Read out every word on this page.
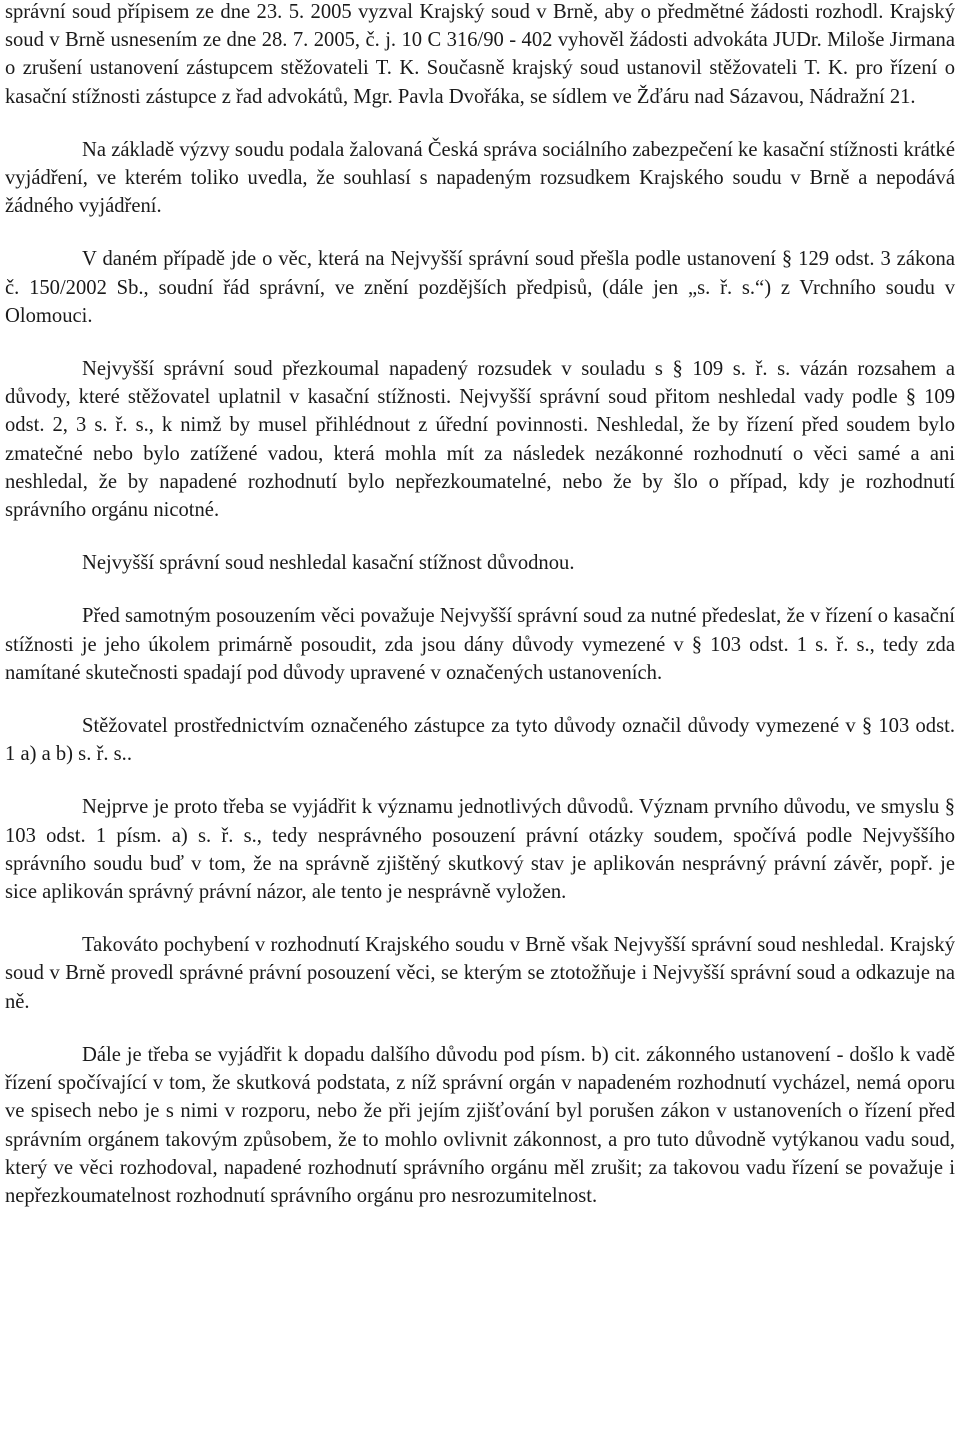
správní soud přípisem ze dne 23. 5. 2005 vyzval Krajský soud v Brně, aby o předmětné žádosti rozhodl. Krajský soud v Brně usnesením ze dne 28. 7. 2005, č. j. 10 C 316/90 - 402 vyhověl žádosti advokáta JUDr. Miloše Jirmana o zrušení ustanovení zástupcem stěžovateli T. K. Současně krajský soud ustanovil stěžovateli T. K. pro řízení o kasační stížnosti zástupce z řad advokátů, Mgr. Pavla Dvořáka, se sídlem ve Žďáru nad Sázavou, Nádražní 21.

Na základě výzvy soudu podala žalovaná Česká správa sociálního zabezpečení ke kasační stížnosti krátké vyjádření, ve kterém toliko uvedla, že souhlasí s napadeným rozsudkem Krajského soudu v Brně a nepodává žádného vyjádření.

V daném případě jde o věc, která na Nejvyšší správní soud přešla podle ustanovení § 129 odst. 3 zákona č. 150/2002 Sb., soudní řád správní, ve znění pozdějších předpisů, (dále jen „s. ř. s.“) z Vrchního soudu v Olomouci.

Nejvyšší správní soud přezkoumal napadený rozsudek v souladu s § 109 s. ř. s. vázán rozsahem a důvody, které stěžovatel uplatnil v kasační stížnosti. Nejvyšší správní soud přitom neshledal vady podle § 109 odst. 2, 3 s. ř. s., k nimž by musel přihlédnout z úřední povinnosti. Neshledal, že by řízení před soudem bylo zmatečné nebo bylo zatížené vadou, která mohla mít za následek nezákonné rozhodnutí o věci samé a ani neshledal, že by napadené rozhodnutí bylo nepřezkoumatelné, nebo že by šlo o případ, kdy je rozhodnutí správního orgánu nicotné.

Nejvyšší správní soud neshledal kasační stížnost důvodnou.

Před samotným posouzením věci považuje Nejvyšší správní soud za nutné předeslat, že v řízení o kasační stížnosti je jeho úkolem primárně posoudit, zda jsou dány důvody vymezené v § 103 odst. 1 s. ř. s., tedy zda namítané skutečnosti spadají pod důvody upravené v označených ustanoveních.

Stěžovatel prostřednictvím označeného zástupce za tyto důvody označil důvody vymezené v § 103 odst. 1 a) a b) s. ř. s..

Nejprve je proto třeba se vyjádřit k významu jednotlivých důvodů. Význam prvního důvodu, ve smyslu § 103 odst. 1 písm. a) s. ř. s., tedy nesprávného posouzení právní otázky soudem, spočívá podle Nejvyššího správního soudu buď v tom, že na správně zjištěný skutkový stav je aplikován nesprávný právní závěr, popř. je sice aplikován správný právní názor, ale tento je nesprávně vyložen.

Takováto pochybení v rozhodnutí Krajského soudu v Brně však Nejvyšší správní soud neshledal. Krajský soud v Brně provedl správné právní posouzení věci, se kterým se ztotožňuje i Nejvyšší správní soud a odkazuje na ně.

Dále je třeba se vyjádřit k dopadu dalšího důvodu pod písm. b) cit. zákonného ustanovení - došlo k vadě řízení spočívající v tom, že skutková podstata, z níž správní orgán v napadeném rozhodnutí vycházel, nemá oporu ve spisech nebo je s nimi v rozporu, nebo že při jejím zjišťování byl porušen zákon v ustanoveních o řízení před správním orgánem takovým způsobem, že to mohlo ovlivnit zákonnost, a pro tuto důvodně vytýkanou vadu soud, který ve věci rozhodoval, napadené rozhodnutí správního orgánu měl zrušit; za takovou vadu řízení se považuje i nepřezkoumatelnost rozhodnutí správního orgánu pro nesrozumitelnost.
